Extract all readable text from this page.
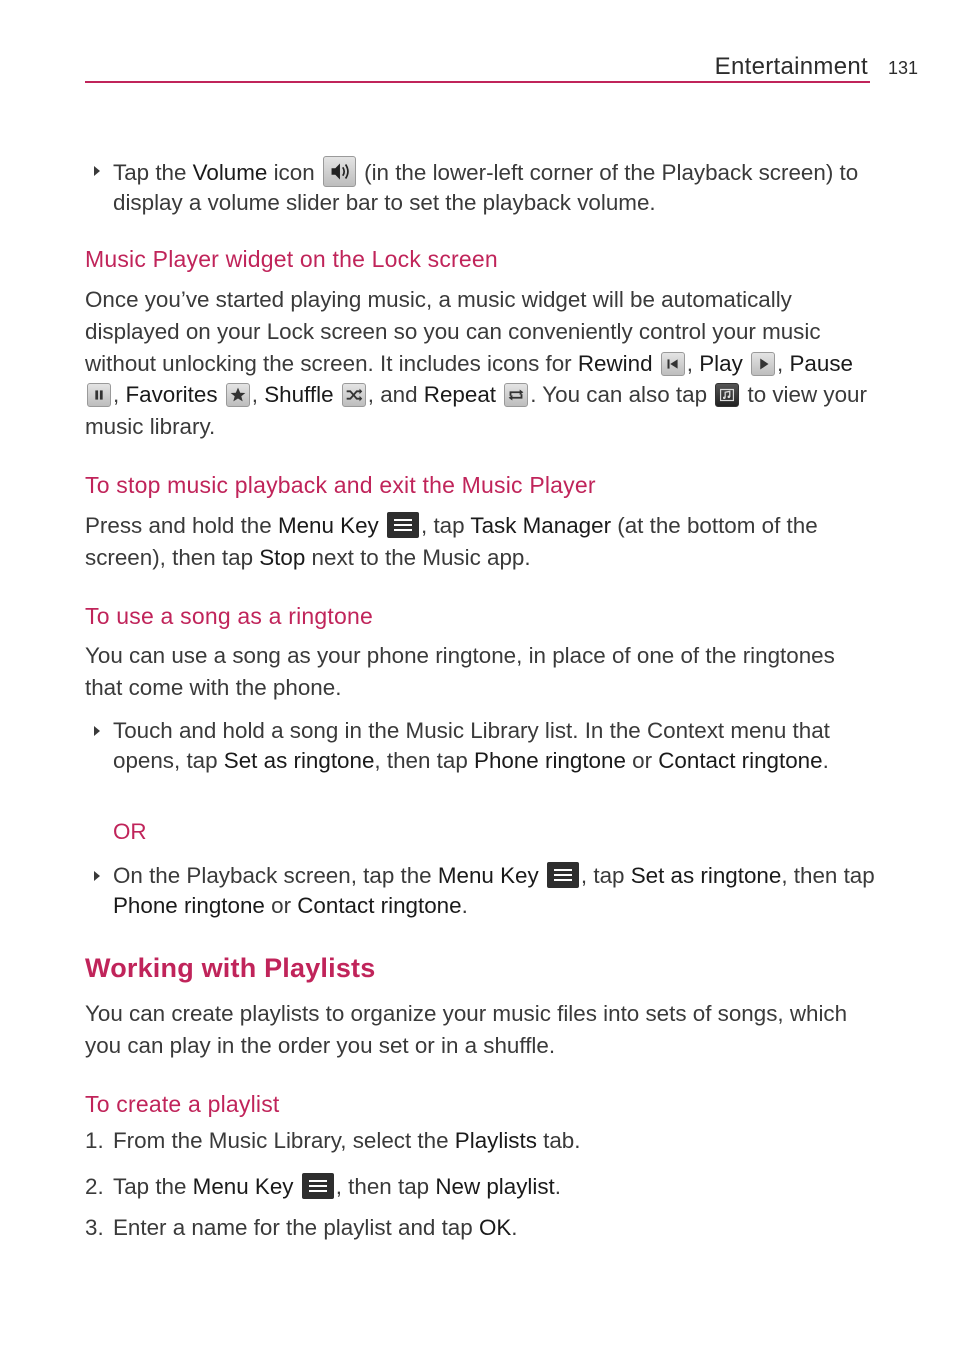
Entertainment 131
Tap the Volume icon
(in the lower-left corner of the Playback screen) to display a volume slider bar to set the playback volume.
Music Player widget on the Lock screen
Once you’ve started playing music, a music widget will be automatically displayed on your Lock screen so you can conveniently control your music without unlocking the screen. It includes icons for Rewind , Play , Pause
, Favorites , Shuffle , and Repeat . You can also tap
to view your music library.
To stop music playback and exit the Music Player
Press and hold the Menu Key , tap Task Manager (at the bottom of the screen), then tap Stop next to the Music app.
To use a song as a ringtone
You can use a song as your phone ringtone, in place of one of the ringtones that come with the phone.
Touch and hold a song in the Music Library list. In the Context menu that opens, tap Set as ringtone, then tap Phone ringtone or Contact ringtone.
OR
On the Playback screen, tap the Menu Key , tap Set as ringtone, then tap Phone ringtone or Contact ringtone.
Working with Playlists
You can create playlists to organize your music files into sets of songs, which you can play in the order you set or in a shuffle.
To create a playlist
1. From the Music Library, select the Playlists tab.
2. Tap the Menu Key , then tap New playlist.
3. Enter a name for the playlist and tap OK.
